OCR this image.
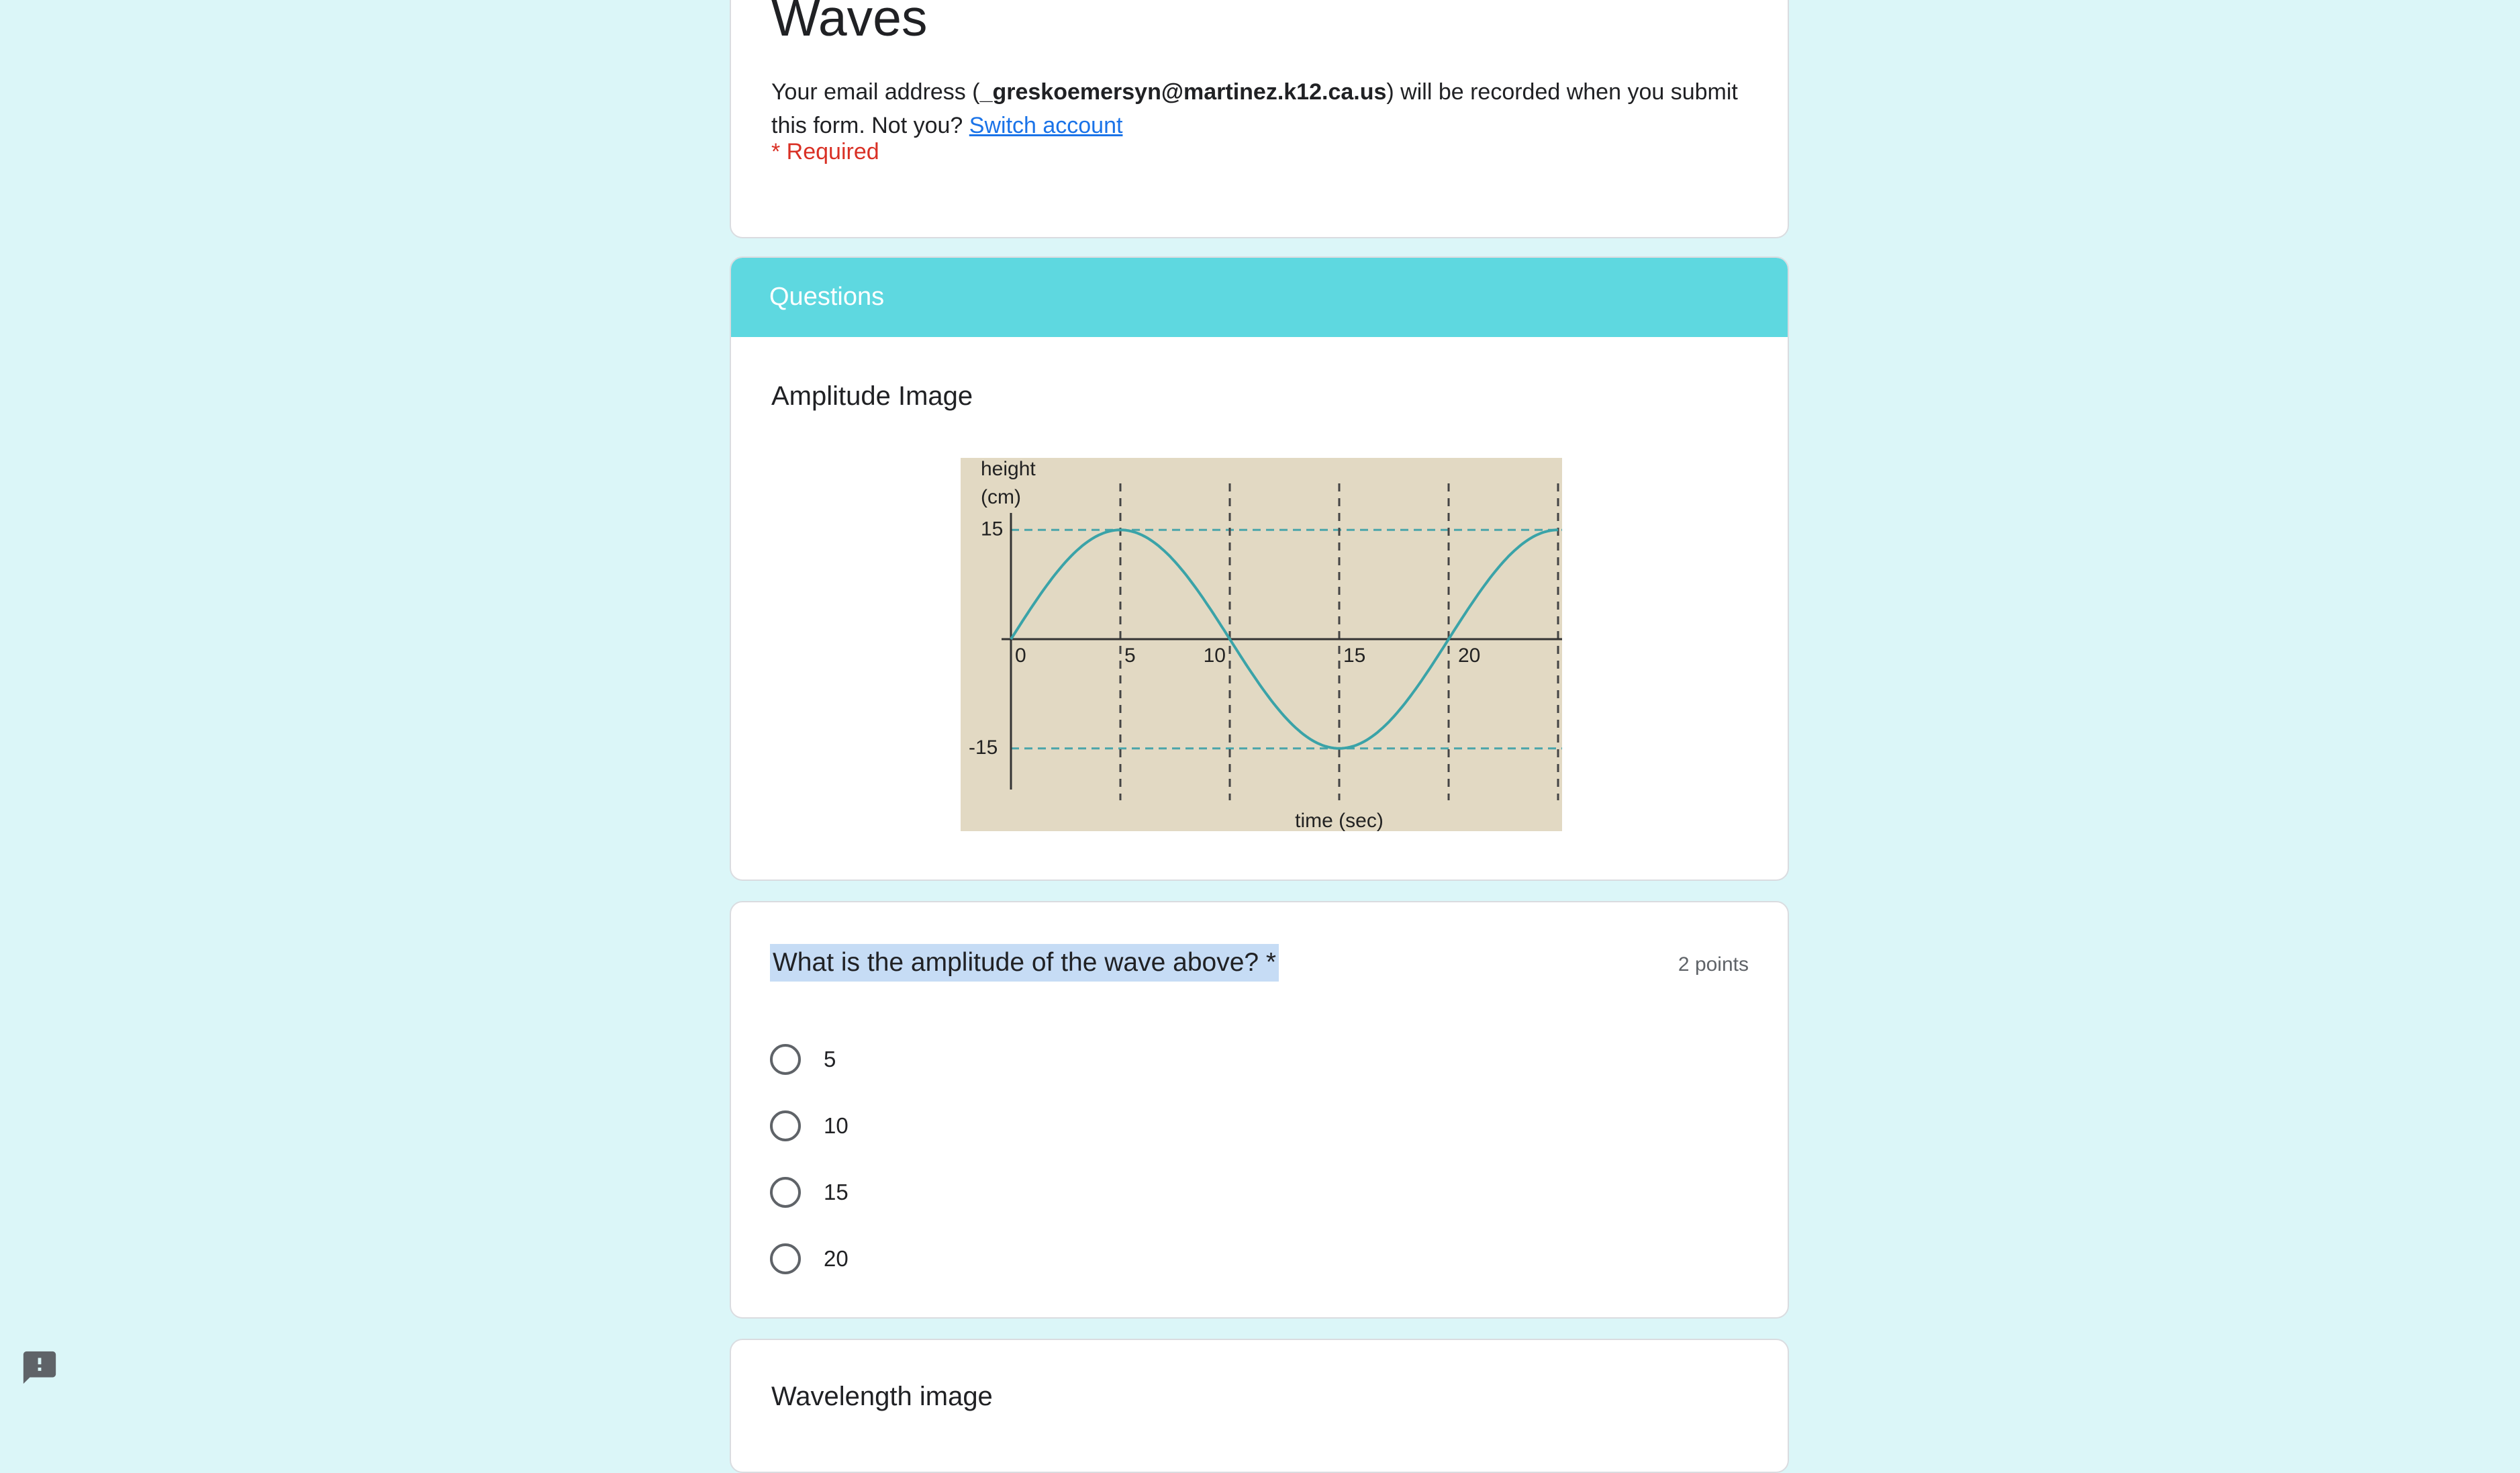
Waves
Your email address (_greskoemersyn@martinez.k12.ca.us) will be recorded when you submit this form. Not you? Switch account
* Required
Questions
Amplitude Image
height
(cm)
time (sec)
15
-15
0	5	10	15	20
What is the amplitude of the wave above? *	2 points
5
10
15
20
Wavelength image
